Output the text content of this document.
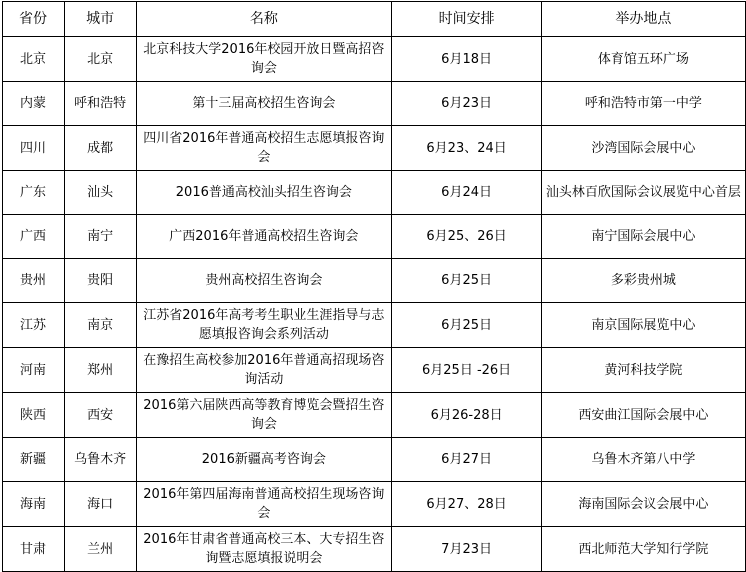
省份	城市	名称	时间安排	举办地点
北京	北京	北京科技大学2016年校园开放日暨高招咨询会	6月18日	体育馆五环广场
内蒙	呼和浩特	第十三届高校招生咨询会	6月23日	呼和浩特市第一中学
四川	成都	四川省2016年普通高校招生志愿填报咨询会	6月23、24日	沙湾国际会展中心
广东	汕头	2016普通高校汕头招生咨询会	6月24日	汕头林百欣国际会议展览中心首层
广西	南宁	广西2016年普通高校招生咨询会	6月25、26日	南宁国际会展中心
贵州	贵阳	贵州高校招生咨询会	6月25日	多彩贵州城
江苏	南京	江苏省2016年高考考生职业生涯指导与志愿填报咨询会系列活动	6月25日	南京国际展览中心
河南	郑州	在豫招生高校参加2016年普通高招现场咨询活动	6月25日 -26日	黄河科技学院
陕西	西安	2016第六届陕西高等教育博览会暨招生咨询会	6月26-28日	西安曲江国际会展中心
新疆	乌鲁木齐	2016新疆高考咨询会	6月27日	乌鲁木齐第八中学
海南	海口	2016年第四届海南普通高校招生现场咨询会	6月27、28日	海南国际会议会展中心
甘肃	兰州	2016年甘肃省普通高校三本、大专招生咨询暨志愿填报说明会	7月23日	西北师范大学知行学院
